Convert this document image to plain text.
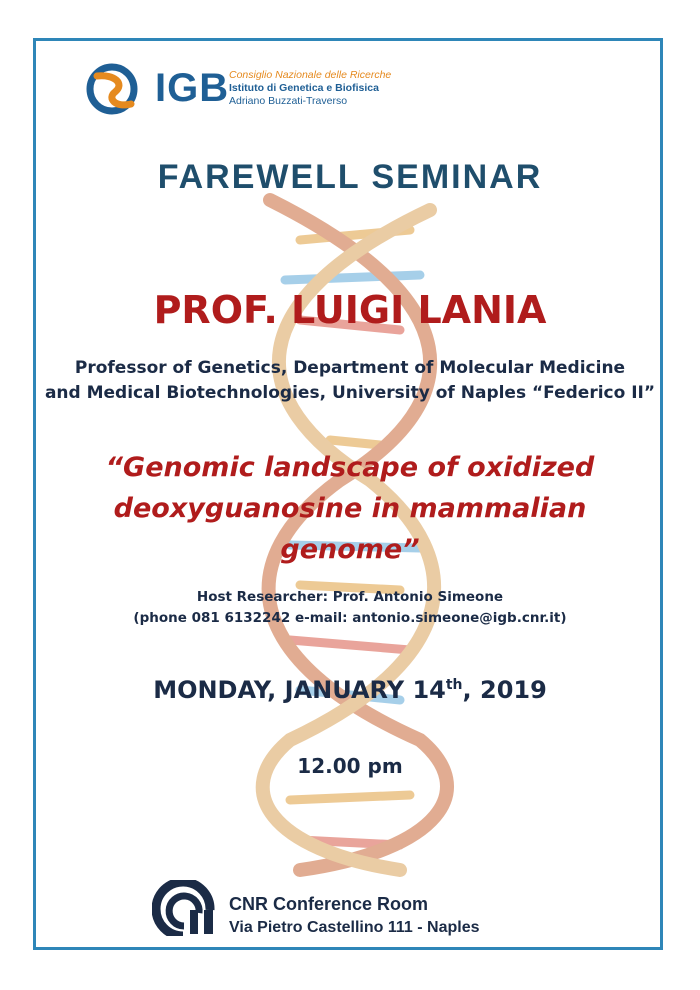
IGB Consiglio Nazionale delle Ricerche
Istituto di Genetica e Biofisica
Adriano Buzzati-Traverso
FAREWELL SEMINAR
PROF. LUIGI LANIA
Professor of Genetics, Department of Molecular Medicine
and Medical Biotechnologies, University of Naples “Federico II”
“Genomic landscape of oxidized
deoxyguanosine in mammalian genome”
Host Researcher: Prof. Antonio Simeone
(phone 081 6132242 e-mail: antonio.simeone@igb.cnr.it)
MONDAY, JANUARY 14th, 2019
12.00 pm
CNR Conference Room
Via Pietro Castellino 111 - Naples
